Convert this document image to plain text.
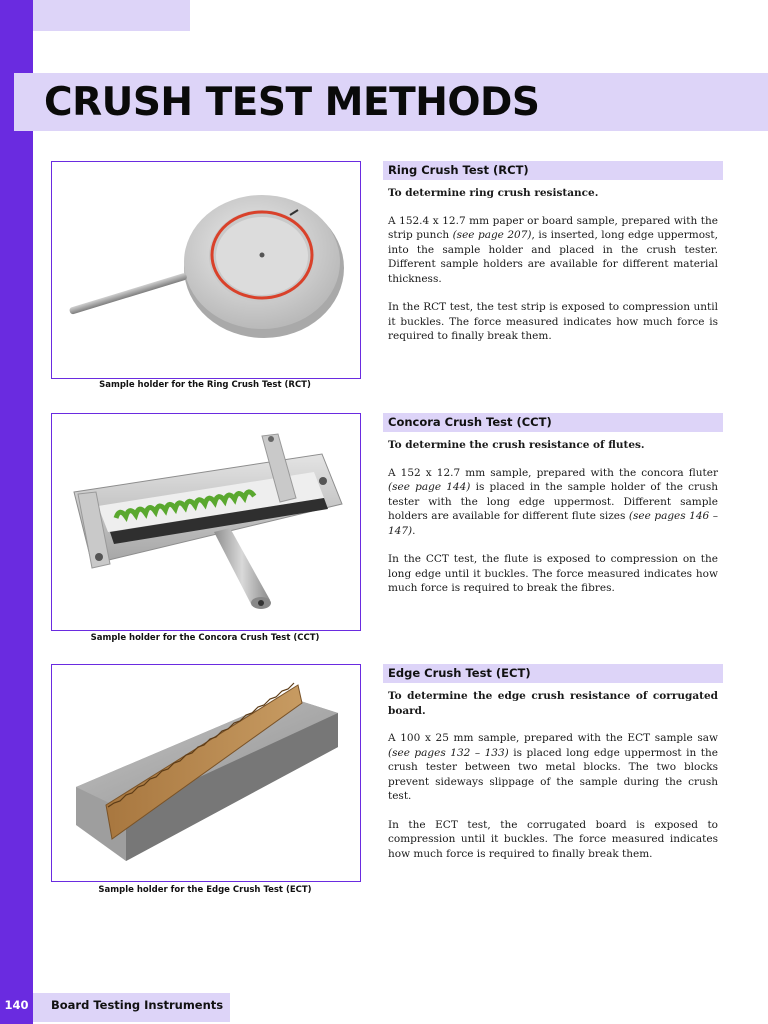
CRUSH TEST METHODS
Sample holder for the Ring Crush Test (RCT)
Ring Crush Test (RCT)

To determine ring crush resistance.

A 152.4 x 12.7 mm paper or board sample, prepared with the strip punch (see page 207), is inserted, long edge uppermost, into the sample holder and placed in the crush tester. Different sample holders are available for different material thickness.

In the RCT test, the test strip is exposed to compression until it buckles. The force measured indicates how much force is required to finally break them.

Sample holder for the Concora Crush Test (CCT)
Concora Crush Test (CCT)

To determine the crush resistance of flutes.

A 152 x 12.7 mm sample, prepared with the concora fluter (see page 144) is placed in the sample holder of the crush tester with the long edge uppermost. Different sample holders are available for different flute sizes (see pages 146 – 147).

In the CCT test, the flute is exposed to compression on the long edge until it buckles. The force measured indicates how much force is required to break the fibres.

Sample holder for the Edge Crush Test (ECT)
Edge Crush Test (ECT)

To determine the edge crush resistance of corrugated board.

A 100 x 25 mm sample, prepared with the ECT sample saw (see pages 132 – 133) is placed long edge uppermost in the crush tester between two metal blocks. The two blocks prevent sideways slippage of the sample during the crush test.

In the ECT test, the corrugated board is exposed to compression until it buckles. The force measured indicates how much force is required to finally break them.

140	Board Testing Instruments
